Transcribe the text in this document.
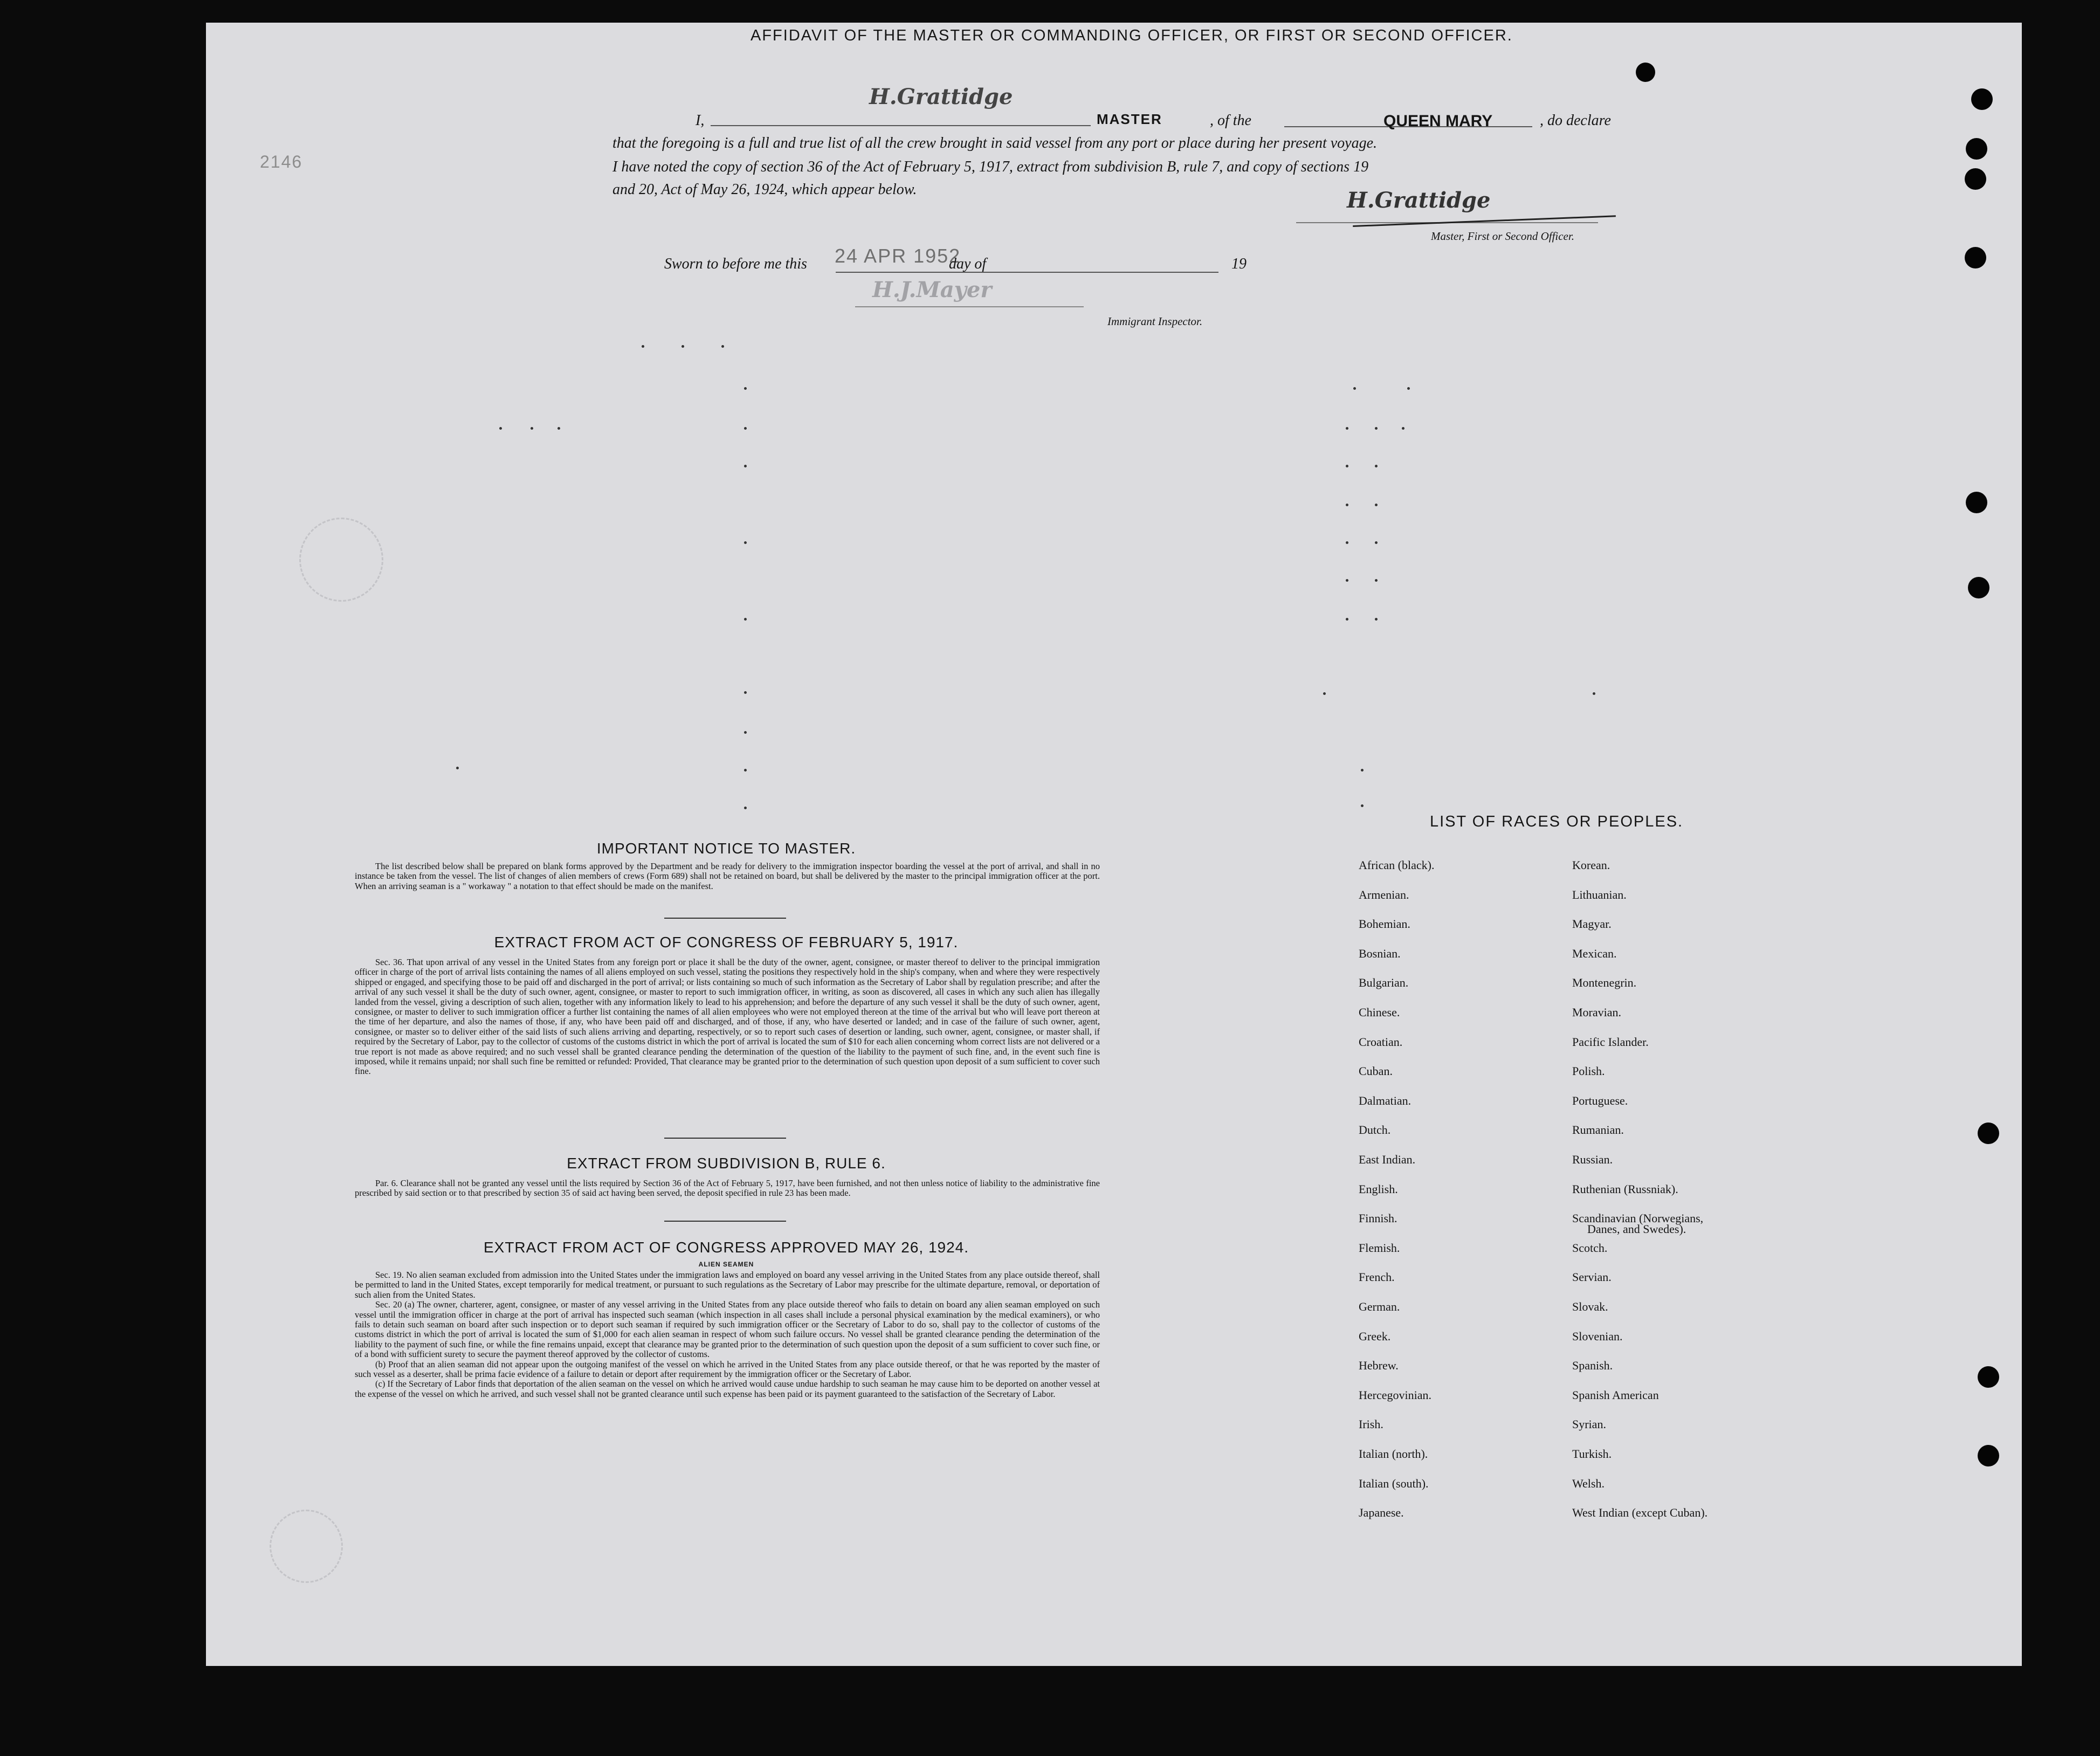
2146
AFFIDAVIT OF THE MASTER OR COMMANDING OFFICER, OR FIRST OR SECOND OFFICER.
I,
H.Grattidge
MASTER	, of the	QUEEN MARY	, do declare
that the foregoing is a full and true list of all the crew brought in said vessel from any port or place during her present voyage.
I have noted the copy of section 36 of the Act of February 5, 1917, extract from subdivision B, rule 7, and copy of sections 19
and 20, Act of May 26, 1924, which appear below.	H.Grattidge
Master, First or Second Officer.
Sworn to before me this 24 APR 1952
day of	19
H.J.Mayer
Immigrant Inspector.
IMPORTANT NOTICE TO MASTER.

The list described below shall be prepared on blank forms approved by the Department and be ready for delivery to the immigration inspector boarding the vessel at the port of arrival, and shall in no instance be taken from the vessel. The list of changes of alien members of crews (Form 689) shall not be retained on board, but shall be delivered by the master to the principal immigration officer at the port. When an arriving seaman is a " workaway " a notation to that effect should be made on the manifest.

EXTRACT FROM ACT OF CONGRESS OF FEBRUARY 5, 1917.

Sec. 36. That upon arrival of any vessel in the United States from any foreign port or place it shall be the duty of the owner, agent, consignee, or master thereof to deliver to the principal immigration officer in charge of the port of arrival lists containing the names of all aliens employed on such vessel, stating the positions they respectively hold in the ship's company, when and where they were respectively shipped or engaged, and specifying those to be paid off and discharged in the port of arrival; or lists containing so much of such information as the Secretary of Labor shall by regulation prescribe; and after the arrival of any such vessel it shall be the duty of such owner, agent, consignee, or master to report to such immigration officer, in writing, as soon as discovered, all cases in which any such alien has illegally landed from the vessel, giving a description of such alien, together with any information likely to lead to his apprehension; and before the departure of any such vessel it shall be the duty of such owner, agent, consignee, or master to deliver to such immigration officer a further list containing the names of all alien employees who were not employed thereon at the time of the arrival but who will leave port thereon at the time of her departure, and also the names of those, if any, who have been paid off and discharged, and of those, if any, who have deserted or landed; and in case of the failure of such owner, agent, consignee, or master so to deliver either of the said lists of such aliens arriving and departing, respectively, or so to report such cases of desertion or landing, such owner, agent, consignee, or master shall, if required by the Secretary of Labor, pay to the collector of customs of the customs district in which the port of arrival is located the sum of $10 for each alien concerning whom correct lists are not delivered or a true report is not made as above required; and no such vessel shall be granted clearance pending the determination of the question of the liability to the payment of such fine, and, in the event such fine is imposed, while it remains unpaid; nor shall such fine be remitted or refunded: Provided, That clearance may be granted prior to the determination of such question upon deposit of a sum sufficient to cover such fine.

EXTRACT FROM SUBDIVISION B, RULE 6.

Par. 6. Clearance shall not be granted any vessel until the lists required by Section 36 of the Act of February 5, 1917, have been furnished, and not then unless notice of liability to the administrative fine prescribed by said section or to that prescribed by section 35 of said act having been served, the deposit specified in rule 23 has been made.

EXTRACT FROM ACT OF CONGRESS APPROVED MAY 26, 1924.
ALIEN SEAMEN

Sec. 19. No alien seaman excluded from admission into the United States under the immigration laws and employed on board any vessel arriving in the United States from any place outside thereof, shall be permitted to land in the United States, except temporarily for medical treatment, or pursuant to such regulations as the Secretary of Labor may prescribe for the ultimate departure, removal, or deportation of such alien from the United States.

Sec. 20 (a) The owner, charterer, agent, consignee, or master of any vessel arriving in the United States from any place outside thereof who fails to detain on board any alien seaman employed on such vessel until the immigration officer in charge at the port of arrival has inspected such seaman (which inspection in all cases shall include a personal physical examination by the medical examiners), or who fails to detain such seaman on board after such inspection or to deport such seaman if required by such immigration officer or the Secretary of Labor to do so, shall pay to the collector of customs of the customs district in which the port of arrival is located the sum of $1,000 for each alien seaman in respect of whom such failure occurs. No vessel shall be granted clearance pending the determination of the liability to the payment of such fine, or while the fine remains unpaid, except that clearance may be granted prior to the determination of such question upon the deposit of a sum sufficient to cover such fine, or of a bond with sufficient surety to secure the payment thereof approved by the collector of customs.

(b) Proof that an alien seaman did not appear upon the outgoing manifest of the vessel on which he arrived in the United States from any place outside thereof, or that he was reported by the master of such vessel as a deserter, shall be prima facie evidence of a failure to detain or deport after requirement by the immigration officer or the Secretary of Labor.

(c) If the Secretary of Labor finds that deportation of the alien seaman on the vessel on which he arrived would cause undue hardship to such seaman he may cause him to be deported on another vessel at the expense of the vessel on which he arrived, and such vessel shall not be granted clearance until such expense has been paid or its payment guaranteed to the satisfaction of the Secretary of Labor.

LIST OF RACES OR PEOPLES.
African (black).
Armenian.
Bohemian.
Bosnian.
Bulgarian.
Chinese.
Croatian.
Cuban.
Dalmatian.
Dutch.
East Indian.
English.
Finnish.
Flemish.
French.
German.
Greek.
Hebrew.
Hercegovinian.
Irish.
Italian (north).
Italian (south).
Japanese.
Korean.
Lithuanian.
Magyar.
Mexican.
Montenegrin.
Moravian.
Pacific Islander.
Polish.
Portuguese.
Rumanian.
Russian.
Ruthenian (Russniak).
Scandinavian (Norwegians,
Scotch.
Servian.
Slovak.
Slovenian.
Spanish.
Spanish American
Syrian.
Turkish.
Welsh.
West Indian (except Cuban).
Danes, and Swedes).
